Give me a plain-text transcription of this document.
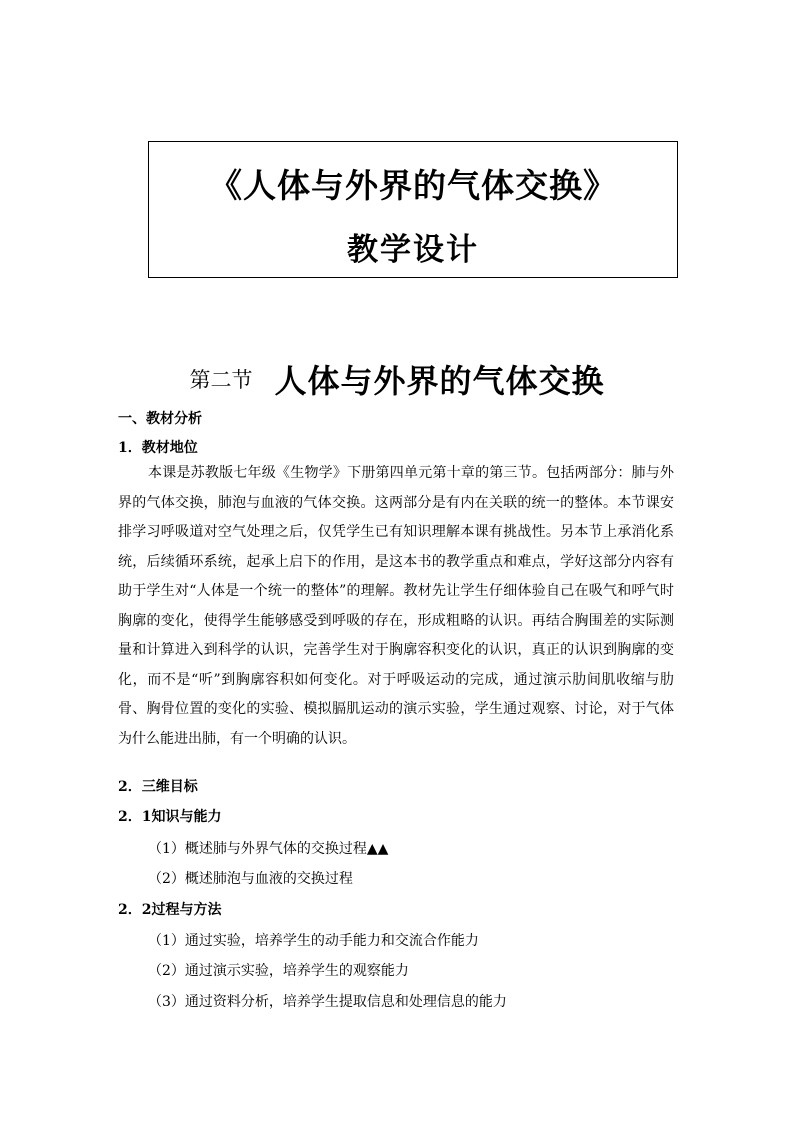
《人体与外界的气体交换》
教学设计
第二节 人体与外界的气体交换
一、教材分析
1．教材地位

本课是苏教版七年级《生物学》下册第四单元第十章的第三节。包括两部分：肺与外界的气体交换，肺泡与血液的气体交换。这两部分是有内在关联的统一的整体。本节课安排学习呼吸道对空气处理之后，仅凭学生已有知识理解本课有挑战性。另本节上承消化系统，后续循环系统，起承上启下的作用，是这本书的教学重点和难点，学好这部分内容有助于学生对“人体是一个统一的整体”的理解。教材先让学生仔细体验自己在吸气和呼气时胸廓的变化，使得学生能够感受到呼吸的存在，形成粗略的认识。再结合胸围差的实际测量和计算进入到科学的认识，完善学生对于胸廓容积变化的认识，真正的认识到胸廓的变化，而不是“听”到胸廓容积如何变化。对于呼吸运动的完成，通过演示肋间肌收缩与肋骨、胸骨位置的变化的实验、模拟膈肌运动的演示实验，学生通过观察、讨论，对于气体为什么能进出肺，有一个明确的认识。

2．三维目标
2．1知识与能力
（1）概述肺与外界气体的交换过程▲▲
（2）概述肺泡与血液的交换过程
2．2过程与方法
（1）通过实验，培养学生的动手能力和交流合作能力
（2）通过演示实验，培养学生的观察能力
（3）通过资料分析，培养学生提取信息和处理信息的能力
